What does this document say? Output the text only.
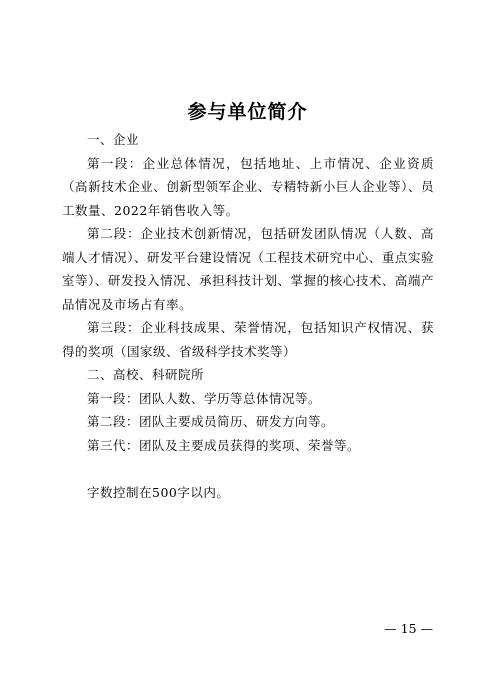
参与单位简介

一、企业

第一段：企业总体情况，包括地址、上市情况、企业资质（高新技术企业、创新型领军企业、专精特新小巨人企业等）、员工数量、2022年销售收入等。

第二段：企业技术创新情况，包括研发团队情况（人数、高端人才情况）、研发平台建设情况（工程技术研究中心、重点实验室等）、研发投入情况、承担科技计划、掌握的核心技术、高端产品情况及市场占有率。

第三段：企业科技成果、荣誉情况，包括知识产权情况、获得的奖项（国家级、省级科学技术奖等）

二、高校、科研院所

第一段：团队人数、学历等总体情况等。

第二段：团队主要成员简历、研发方向等。

第三代：团队及主要成员获得的奖项、荣誉等。

字数控制在500字以内。

— 15 —
